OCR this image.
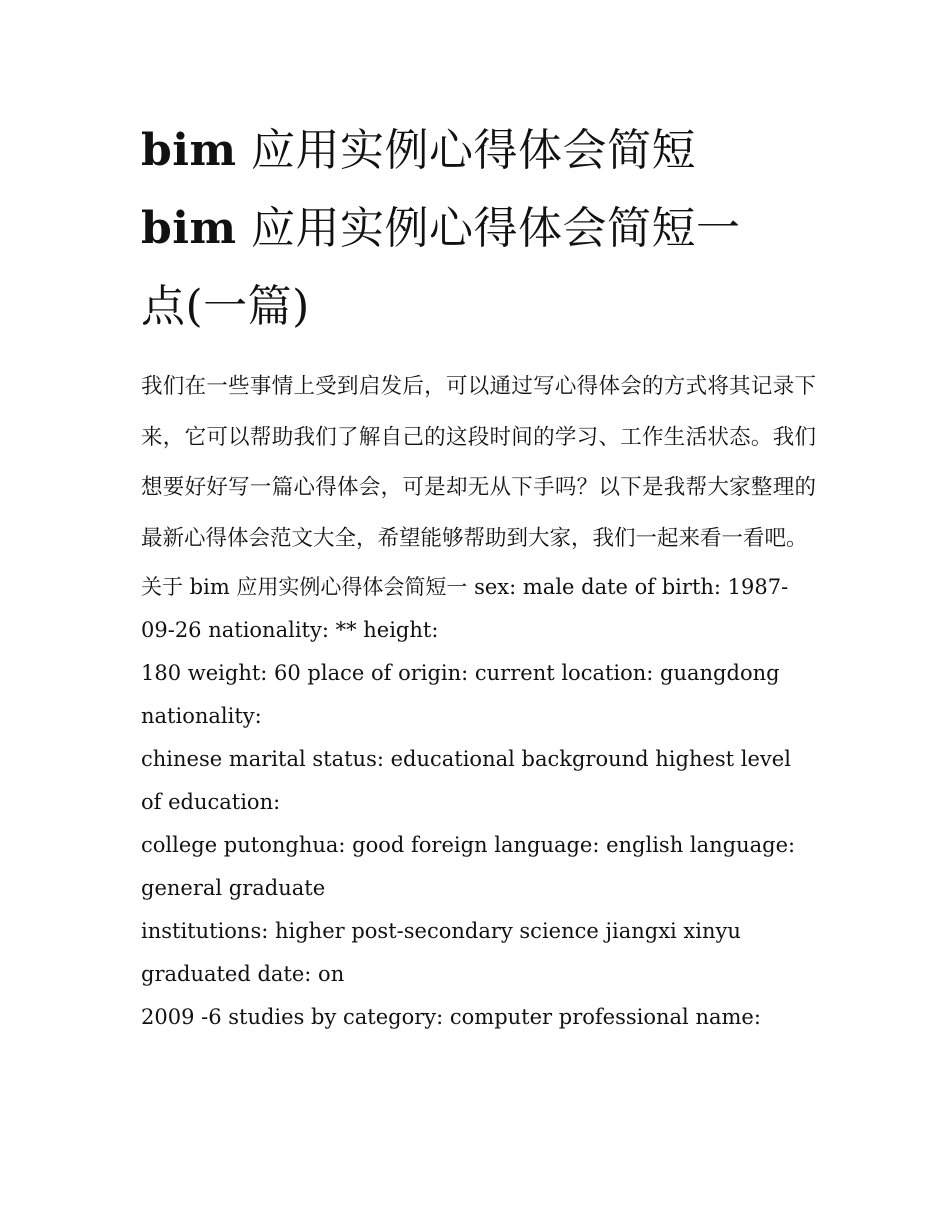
bim 应用实例心得体会简短
bim 应用实例心得体会简短一
点(一篇)

我们在一些事情上受到启发后，可以通过写心得体会的方式将其记录下来，它可以帮助我们了解自己的这段时间的学习、工作生活状态。我们想要好好写一篇心得体会，可是却无从下手吗？以下是我帮大家整理的最新心得体会范文大全，希望能够帮助到大家，我们一起来看一看吧。

关于 bim 应用实例心得体会简短一 sex: male date of birth: 1987-09-26 nationality: ** height:

180 weight: 60 place of origin: current location: guangdong nationality:

chinese marital status: educational background highest level of education:

college putonghua: good foreign language: english language: general graduate

institutions: higher post-secondary science jiangxi xinyu graduated date: on

2009 -6 studies by category: computer professional name:
